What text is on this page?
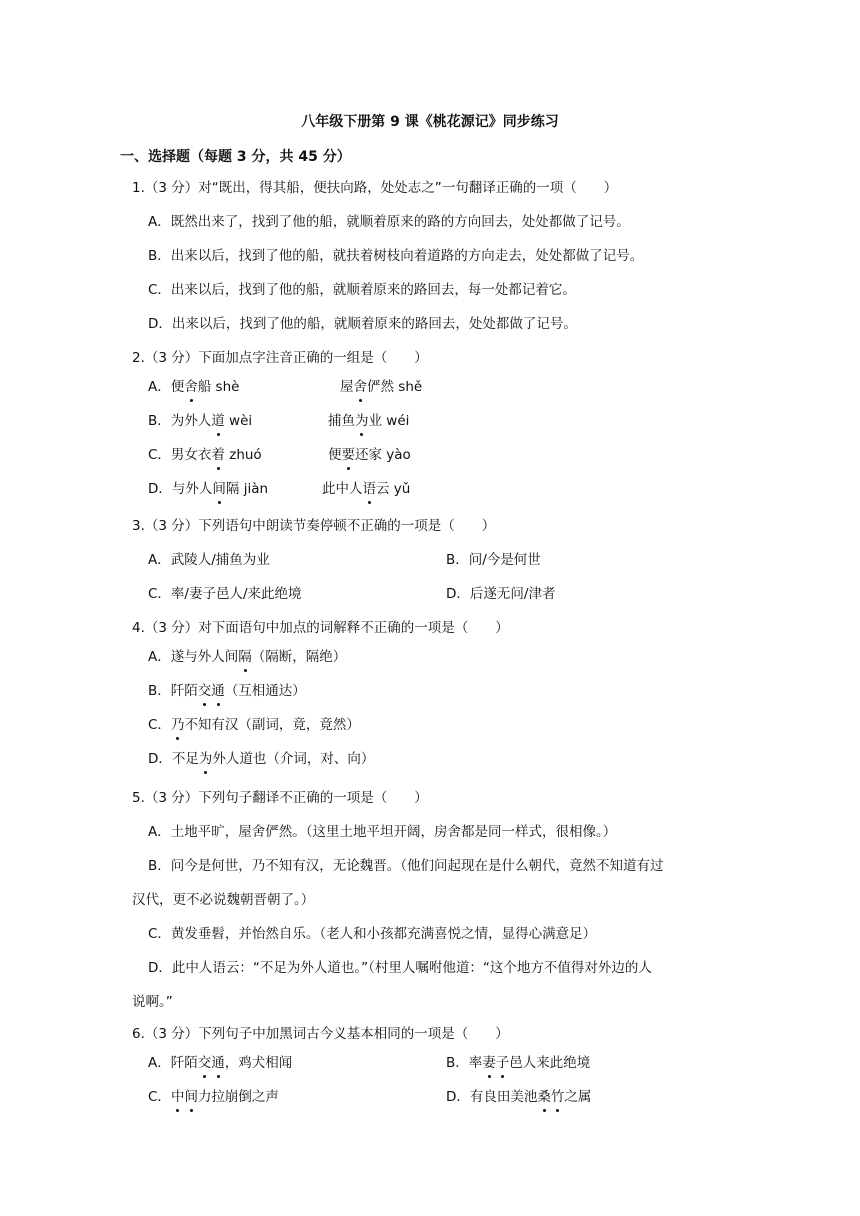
八年级下册第 9 课《桃花源记》同步练习
一、选择题（每题 3 分，共 45 分）
1.（3 分）对“既出，得其船，便扶向路，处处志之”一句翻译正确的一项（　　）
A．既然出来了，找到了他的船，就顺着原来的路的方向回去，处处都做了记号。
B．出来以后，找到了他的船，就扶着树枝向着道路的方向走去，处处都做了记号。
C．出来以后，找到了他的船，就顺着原来的路回去，每一处都记着它。
D．出来以后，找到了他的船，就顺着原来的路回去，处处都做了记号。
2.（3 分）下面加点字注音正确的一组是（　　）
A．便舍船 shè	屋舍俨然 shě
B．为外人道 wèi	捕鱼为业 wéi
C．男女衣着 zhuó	便要还家 yào
D．与外人间隔 jiàn	此中人语云 yǔ
3.（3 分）下列语句中朗读节奏停顿不正确的一项是（　　）
A．武陵人/捕鱼为业	B．问/今是何世
C．率/妻子邑人/来此绝境	D．后遂无问/津者
4.（3 分）对下面语句中加点的词解释不正确的一项是（　　）
A．遂与外人间隔（隔断，隔绝）
B．阡陌交通（互相通达）
C．乃不知有汉（副词，竟，竟然）
D．不足为外人道也（介词，对、向）
5.（3 分）下列句子翻译不正确的一项是（　　）
A．土地平旷，屋舍俨然。（这里土地平坦开阔，房舍都是同一样式，很相像。）
B．问今是何世，乃不知有汉，无论魏晋。（他们问起现在是什么朝代，竟然不知道有过
汉代，更不必说魏朝晋朝了。）
C．黄发垂髫，并怡然自乐。（老人和小孩都充满喜悦之情，显得心满意足）
D．此中人语云：“不足为外人道也。”（村里人嘱咐他道：“这个地方不值得对外边的人
说啊。”
6.（3 分）下列句子中加黑词古今义基本相同的一项是（　　）
A．阡陌交通，鸡犬相闻	B．率妻子邑人来此绝境
C．中间力拉崩倒之声	D．有良田美池桑竹之属
